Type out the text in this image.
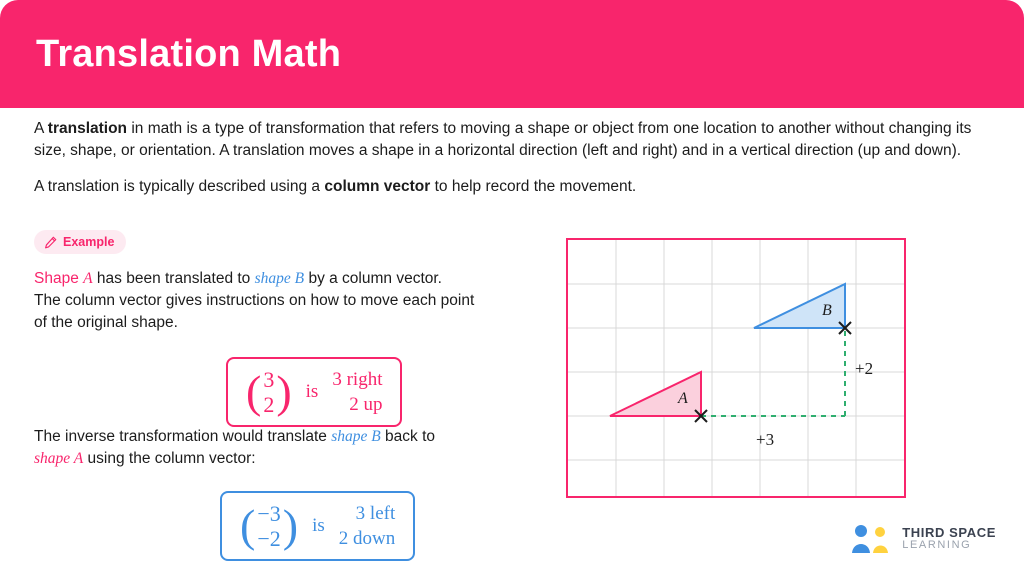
Translation Math

A translation in math is a type of transformation that refers to moving a shape or object from one location to another without changing its size, shape, or orientation. A translation moves a shape in a horizontal direction (left and right) and in a vertical direction (up and down).

A translation is typically described using a column vector to help record the movement.

Example
Shape A has been translated to shape B by a column vector.
The column vector gives instructions on how to move each point
of the original shape.
( 3
2 ) is
3 right
2 up
The inverse transformation would translate shape B back to
shape A using the column vector:
( −3
−2 ) is
3 left
2 down
A
B
+3
+2
THIRD SPACE
LEARNING
